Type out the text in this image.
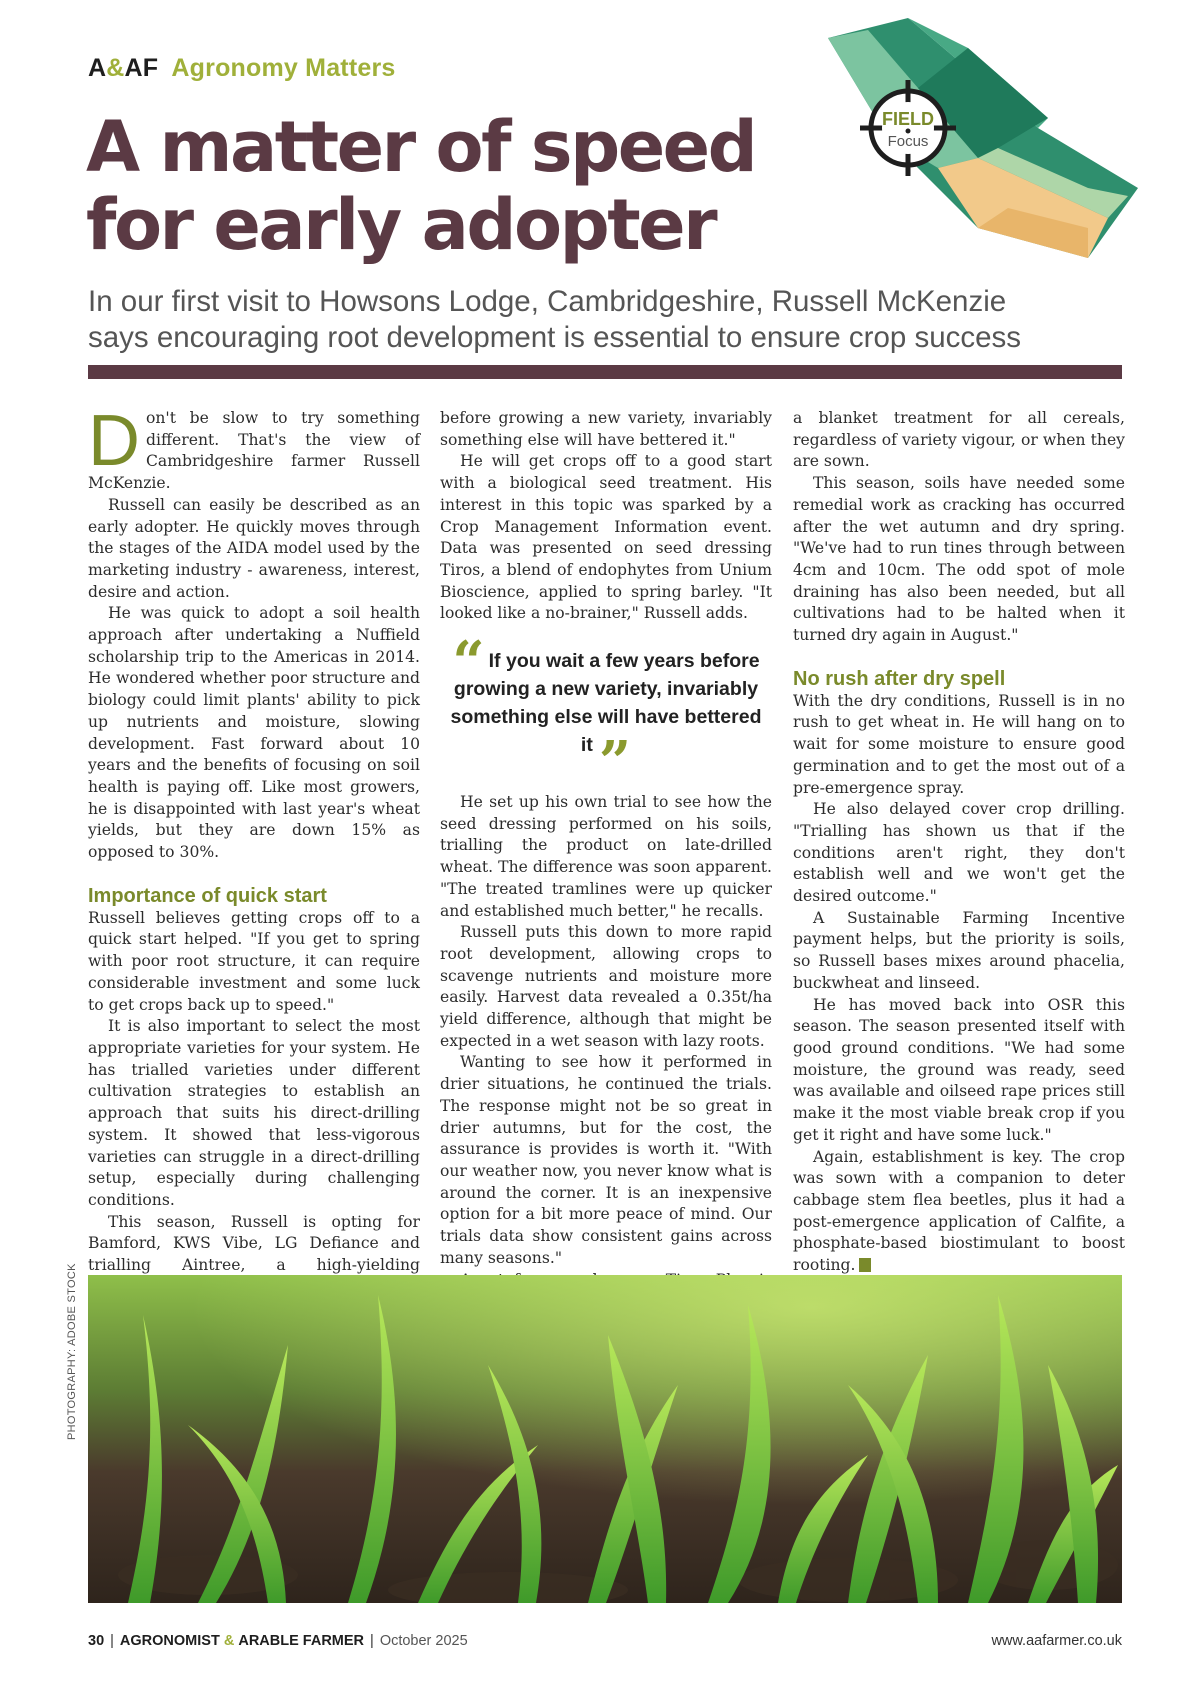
A&AF Agronomy Matters
FIELD
Focus
A matter of speed
for early adopter
In our first visit to Howsons Lodge, Cambridgeshire, Russell McKenzie
says encouraging root development is essential to ensure crop success

Don't be slow to try something different. That's the view of Cambridgeshire farmer Russell McKenzie.

Russell can easily be described as an early adopter. He quickly moves through the stages of the AIDA model used by the marketing industry - awareness, interest, desire and action.

He was quick to adopt a soil health approach after undertaking a Nuffield scholarship trip to the Americas in 2014. He wondered whether poor structure and biology could limit plants' ability to pick up nutrients and moisture, slowing development. Fast forward about 10 years and the benefits of focusing on soil health is paying off. Like most growers, he is disappointed with last year's wheat yields, but they are down 15% as opposed to 30%.

Importance of quick start

Russell believes getting crops off to a quick start helped. "If you get to spring with poor root structure, it can require considerable investment and some luck to get crops back up to speed."

It is also important to select the most appropriate varieties for your system. He has trialled varieties under different cultivation strategies to establish an approach that suits his direct-drilling system. It showed that less-vigorous varieties can struggle in a direct-drilling setup, especially during challenging conditions.

This season, Russell is opting for Bamford, KWS Vibe, LG Defiance and trialling Aintree, a high-yielding

before growing a new variety, invariably something else will have bettered it."

He will get crops off to a good start with a biological seed treatment. His interest in this topic was sparked by a Crop Management Information event. Data was presented on seed dressing Tiros, a blend of endophytes from Unium Bioscience, applied to spring barley. "It looked like a no-brainer," Russell adds.

“ If you wait a few years before growing a new variety, invariably something else will have bettered it ”

He set up his own trial to see how the seed dressing performed on his soils, trialling the product on late-drilled wheat. The difference was soon apparent. "The treated tramlines were up quicker and established much better," he recalls.

Russell puts this down to more rapid root development, allowing crops to scavenge nutrients and moisture more easily. Harvest data revealed a 0.35t/ha yield difference, although that might be expected in a wet season with lazy roots.

Wanting to see how it performed in drier situations, he continued the trials. The response might not be so great in drier autumns, but for the cost, the assurance is provides is worth it. "With our weather now, you never know what is around the corner. It is an inexpensive option for a bit more peace of mind. Our trials data show consistent gains across many seasons."

a blanket treatment for all cereals, regardless of variety vigour, or when they are sown.

This season, soils have needed some remedial work as cracking has occurred after the wet autumn and dry spring. "We've had to run tines through between 4cm and 10cm. The odd spot of mole draining has also been needed, but all cultivations had to be halted when it turned dry again in August."

No rush after dry spell

With the dry conditions, Russell is in no rush to get wheat in. He will hang on to wait for some moisture to ensure good germination and to get the most out of a pre-emergence spray.

He also delayed cover crop drilling. "Trialling has shown us that if the conditions aren't right, they don't establish well and we won't get the desired outcome."

A Sustainable Farming Incentive payment helps, but the priority is soils, so Russell bases mixes around phacelia, buckwheat and linseed.

He has moved back into OSR this season. The season presented itself with good ground conditions. "We had some moisture, the ground was ready, seed was available and oilseed rape prices still make it the most viable break crop if you get it right and have some luck."

Again, establishment is key. The crop was sown with a companion to deter cabbage stem flea beetles, plus it had a post-emergence application of Calfite, a phosphate-based biostimulant to boost rooting.

PHOTOGRAPHY: ADOBE STOCK
30 | AGRONOMIST & ARABLE FARMER | October 2025	www.aafarmer.co.uk
